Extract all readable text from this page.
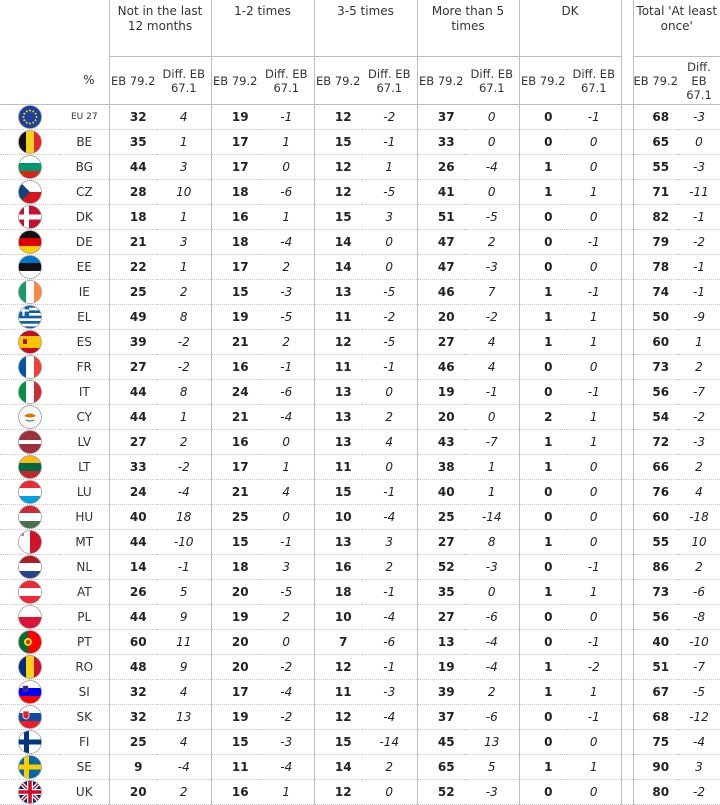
		Not in the last 12 months		1-2 times		3-5 times		More than 5 times		DK			Total 'At least once'	
	%	EB 79.2	Diff. EB 67.1	EB 79.2	Diff. EB 67.1	EB 79.2	Diff. EB 67.1	EB 79.2	Diff. EB 67.1	EB 79.2	Diff. EB 67.1		EB 79.2	Diff. EB 67.1

	EU 27	32	4	19	-1	12	-2	37	0	0	-1		68	-3

	BE	35	1	17	1	15	-1	33	0	0	0		65	0

	BG	44	3	17	0	12	1	26	-4	1	0		55	-3

	CZ	28	10	18	-6	12	-5	41	0	1	1		71	-11

	DK	18	1	16	1	15	3	51	-5	0	0		82	-1

	DE	21	3	18	-4	14	0	47	2	0	-1		79	-2

	EE	22	1	17	2	14	0	47	-3	0	0		78	-1

	IE	25	2	15	-3	13	-5	46	7	1	-1		74	-1

	EL	49	8	19	-5	11	-2	20	-2	1	1		50	-9

	ES	39	-2	21	2	12	-5	27	4	1	1		60	1

	FR	27	-2	16	-1	11	-1	46	4	0	0		73	2

	IT	44	8	24	-6	13	0	19	-1	0	-1		56	-7

	CY	44	1	21	-4	13	2	20	0	2	1		54	-2

	LV	27	2	16	0	13	4	43	-7	1	1		72	-3

	LT	33	-2	17	1	11	0	38	1	1	0		66	2

	LU	24	-4	21	4	15	-1	40	1	0	0		76	4

	HU	40	18	25	0	10	-4	25	-14	0	0		60	-18

	MT	44	-10	15	-1	13	3	27	8	1	0		55	10

	NL	14	-1	18	3	16	2	52	-3	0	-1		86	2

	AT	26	5	20	-5	18	-1	35	0	1	1		73	-6

	PL	44	9	19	2	10	-4	27	-6	0	0		56	-8

	PT	60	11	20	0	7	-6	13	-4	0	-1		40	-10

	RO	48	9	20	-2	12	-1	19	-4	1	-2		51	-7

	SI	32	4	17	-4	11	-3	39	2	1	1		67	-5

	SK	32	13	19	-2	12	-4	37	-6	0	-1		68	-12

	FI	25	4	15	-3	15	-14	45	13	0	0		75	-4

	SE	9	-4	11	-4	14	2	65	5	1	1		90	3

	UK	20	2	16	1	12	0	52	-3	0	0		80	-2
